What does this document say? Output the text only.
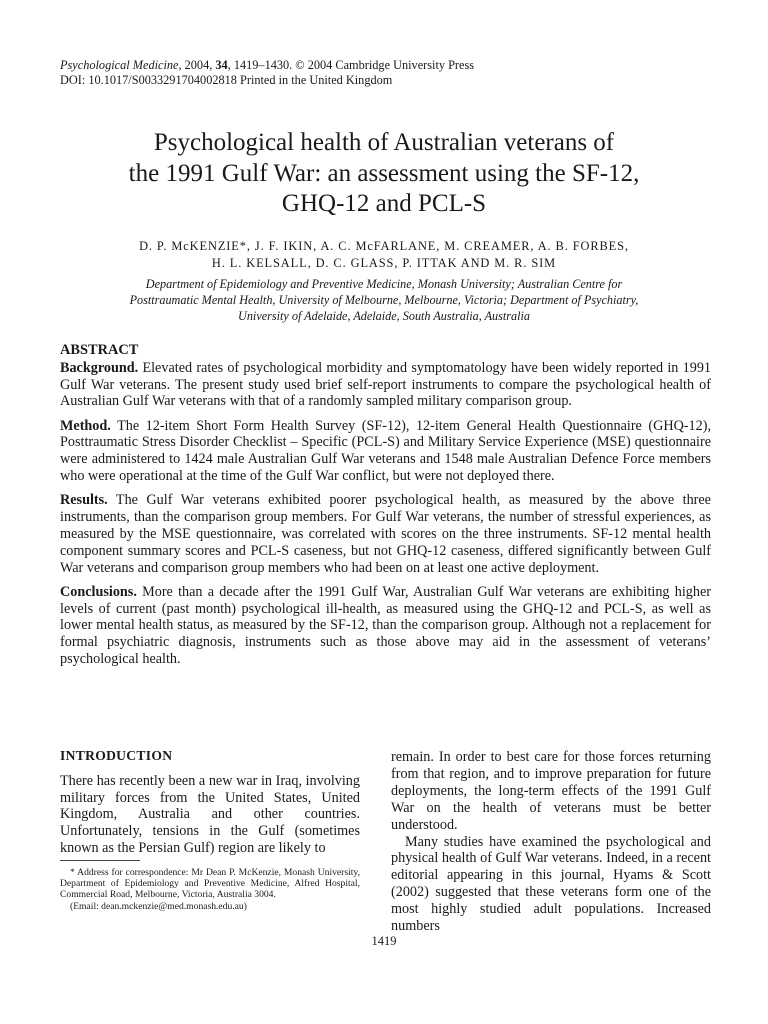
Psychological Medicine, 2004, 34, 1419–1430. © 2004 Cambridge University Press
DOI: 10.1017/S0033291704002818 Printed in the United Kingdom
Psychological health of Australian veterans of
the 1991 Gulf War: an assessment using the SF-12,
GHQ-12 and PCL-S
D. P. McKENZIE*, J. F. IKIN, A. C. McFARLANE, M. CREAMER, A. B. FORBES,
H. L. KELSALL, D. C. GLASS, P. ITTAK AND M. R. SIM
Department of Epidemiology and Preventive Medicine, Monash University; Australian Centre for
Posttraumatic Mental Health, University of Melbourne, Melbourne, Victoria; Department of Psychiatry,
University of Adelaide, Adelaide, South Australia, Australia
ABSTRACT

Background. Elevated rates of psychological morbidity and symptomatology have been widely reported in 1991 Gulf War veterans. The present study used brief self-report instruments to compare the psychological health of Australian Gulf War veterans with that of a randomly sampled military comparison group.

Method. The 12-item Short Form Health Survey (SF-12), 12-item General Health Questionnaire (GHQ-12), Posttraumatic Stress Disorder Checklist – Specific (PCL-S) and Military Service Experience (MSE) questionnaire were administered to 1424 male Australian Gulf War veterans and 1548 male Australian Defence Force members who were operational at the time of the Gulf War conflict, but were not deployed there.

Results. The Gulf War veterans exhibited poorer psychological health, as measured by the above three instruments, than the comparison group members. For Gulf War veterans, the number of stressful experiences, as measured by the MSE questionnaire, was correlated with scores on the three instruments. SF-12 mental health component summary scores and PCL-S caseness, but not GHQ-12 caseness, differed significantly between Gulf War veterans and comparison group members who had been on at least one active deployment.

Conclusions. More than a decade after the 1991 Gulf War, Australian Gulf War veterans are exhibiting higher levels of current (past month) psychological ill-health, as measured using the GHQ-12 and PCL-S, as well as lower mental health status, as measured by the SF-12, than the comparison group. Although not a replacement for formal psychiatric diagnosis, instruments such as those above may aid in the assessment of veterans’ psychological health.

INTRODUCTION

There has recently been a new war in Iraq, involving military forces from the United States, United Kingdom, Australia and other countries. Unfortunately, tensions in the Gulf (sometimes known as the Persian Gulf) region are likely to

* Address for correspondence: Mr Dean P. McKenzie, Monash University, Department of Epidemiology and Preventive Medicine, Alfred Hospital, Commercial Road, Melbourne, Victoria, Australia 3004.

(Email: dean.mckenzie@med.monash.edu.au)

remain. In order to best care for those forces returning from that region, and to improve preparation for future deployments, the long-term effects of the 1991 Gulf War on the health of veterans must be better understood.

Many studies have examined the psychological and physical health of Gulf War veterans. Indeed, in a recent editorial appearing in this journal, Hyams & Scott (2002) suggested that these veterans form one of the most highly studied adult populations. Increased numbers

1419
